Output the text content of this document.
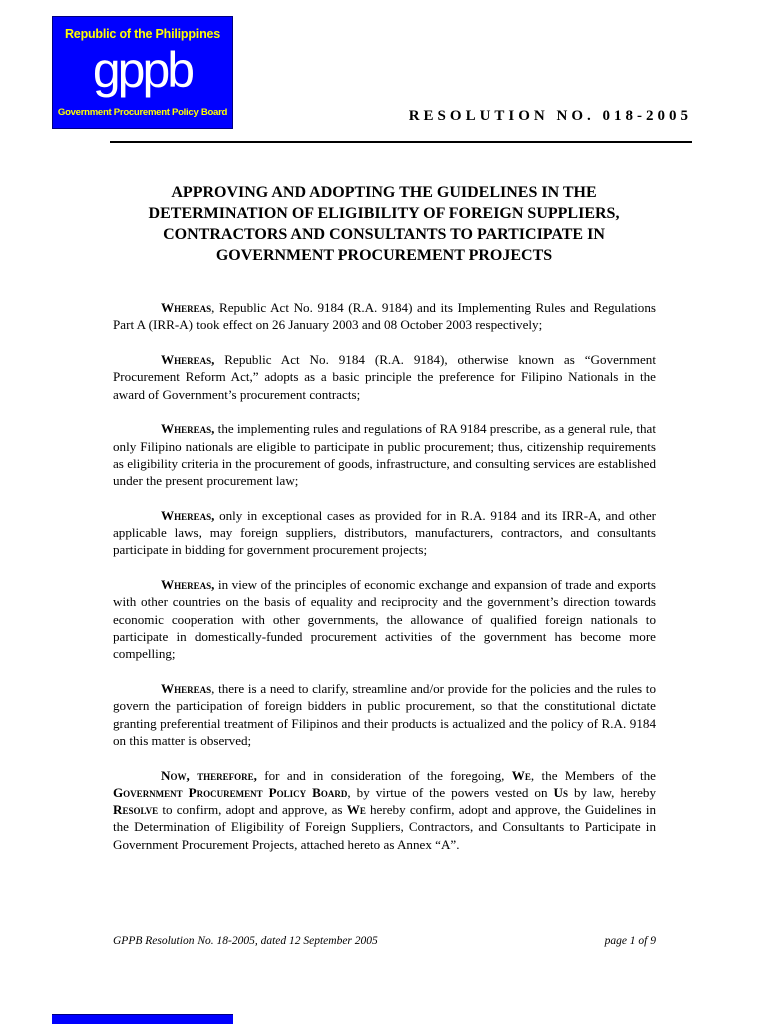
Republic of the Philippines
gppb
Government Procurement Policy Board	RESOLUTION NO. 018-2005
APPROVING AND ADOPTING THE GUIDELINES IN THE
DETERMINATION OF ELIGIBILITY OF FOREIGN SUPPLIERS,
CONTRACTORS AND CONSULTANTS TO PARTICIPATE IN
GOVERNMENT PROCUREMENT PROJECTS

Whereas, Republic Act No. 9184 (R.A. 9184) and its Implementing Rules and Regulations Part A (IRR-A) took effect on 26 January 2003 and 08 October 2003 respectively;

Whereas, Republic Act No. 9184 (R.A. 9184), otherwise known as “Government Procurement Reform Act,” adopts as a basic principle the preference for Filipino Nationals in the award of Government’s procurement contracts;

Whereas, the implementing rules and regulations of RA 9184 prescribe, as a general rule, that only Filipino nationals are eligible to participate in public procurement; thus, citizenship requirements as eligibility criteria in the procurement of goods, infrastructure, and consulting services are established under the present procurement law;

Whereas, only in exceptional cases as provided for in R.A. 9184 and its IRR-A, and other applicable laws, may foreign suppliers, distributors, manufacturers, contractors, and consultants participate in bidding for government procurement projects;

Whereas, in view of the principles of economic exchange and expansion of trade and exports with other countries on the basis of equality and reciprocity and the government’s direction towards economic cooperation with other governments, the allowance of qualified foreign nationals to participate in domestically-funded procurement activities of the government has become more compelling;

Whereas, there is a need to clarify, streamline and/or provide for the policies and the rules to govern the participation of foreign bidders in public procurement, so that the constitutional dictate granting preferential treatment of Filipinos and their products is actualized and the policy of R.A. 9184 on this matter is observed;

Now, therefore, for and in consideration of the foregoing, We, the Members of the Government Procurement Policy Board, by virtue of the powers vested on Us by law, hereby Resolve to confirm, adopt and approve, as We hereby confirm, adopt and approve, the Guidelines in the Determination of Eligibility of Foreign Suppliers, Contractors, and Consultants to Participate in Government Procurement Projects, attached hereto as Annex “A”.

GPPB Resolution No. 18-2005, dated 12 September 2005	page 1 of 9
